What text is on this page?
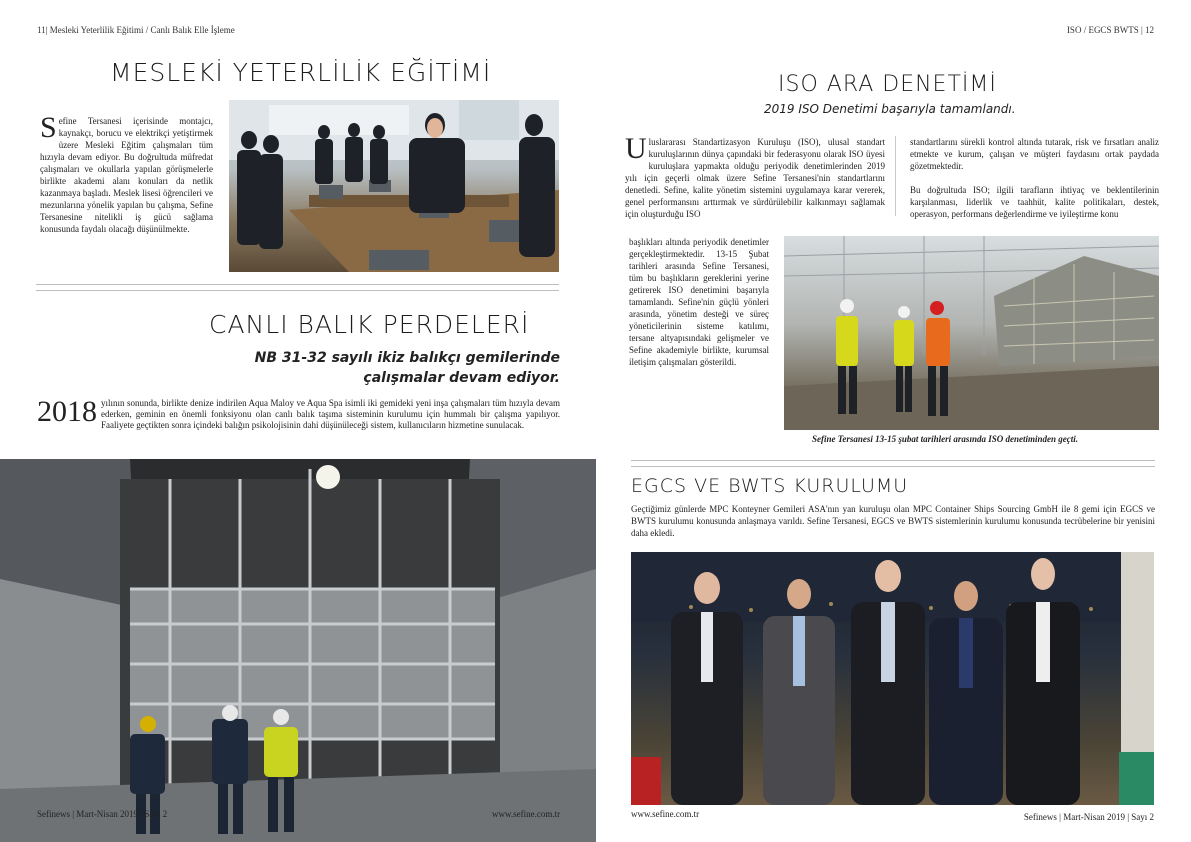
11| Mesleki Yeterlilik Eğitimi / Canlı Balık Elle İşleme
MESLEKİ YETERLİLİK EĞİTİMİ
Sefine Tersanesi içerisinde montajcı, kaynakçı, borucu ve elektrikçi yetiştirmek üzere Mesleki Eğitim çalışmaları tüm hızıyla devam ediyor. Bu doğrultuda müfredat çalışmaları ve okullarla yapılan görüşmelerle birlikte akademi alanı konuları da netlik kazanmaya başladı. Meslek lisesi öğrencileri ve mezunlarına yönelik yapılan bu çalışma, Sefine Tersanesine nitelikli iş gücü sağlama konusunda faydalı olacağı düşünülmekte.
CANLI BALIK PERDELERİ
NB 31-32 sayılı ikiz balıkçı gemilerinde
çalışmalar devam ediyor.
2018 yılının sonunda, birlikte denize indirilen Aqua Maloy ve Aqua Spa isimli iki gemideki yeni inşa çalışmaları tüm hızıyla devam ederken, geminin en önemli fonksiyonu olan canlı balık taşıma sisteminin kurulumu için hummalı bir çalışma yapılıyor. Faaliyete geçtikten sonra içindeki balığın psikolojisinin dahi düşünüleceği sistem, kullanıcıların hizmetine sunulacak.
Sefinews | Mart-Nisan 2019 | Sayı 2	www.sefine.com.tr
ISO / EGCS BWTS | 12
ISO ARA DENETİMİ
2019 ISO Denetimi başarıyla tamamlandı.
Uluslararası Standartizasyon Kuruluşu (ISO), ulusal standart kuruluşlarının dünya çapındaki bir federasyonu olarak ISO üyesi kuruluşlara yapmakta olduğu periyodik denetimlerinden 2019 yılı için geçerli olmak üzere Sefine Tersanesi'nin standartlarını denetledi. Sefine, kalite yönetim sistemini uygulamaya karar vererek, genel performansını arttırmak ve sürdürülebilir kalkınmayı sağlamak için oluşturduğu ISO

standartlarını sürekli kontrol altında tutarak, risk ve fırsatları analiz etmekte ve kurum, çalışan ve müşteri faydasını ortak paydada gözetmektedir.

Bu doğrultuda ISO; ilgili tarafların ihtiyaç ve beklentilerinin karşılanması, liderlik ve taahhüt, kalite politikaları, destek, operasyon, performans değerlendirme ve iyileştirme konu

başlıkları altında periyodik denetimler gerçekleştirmektedir. 13-15 Şubat tarihleri arasında Sefine Tersanesi, tüm bu başlıkların gereklerini yerine getirerek ISO denetimini başarıyla tamamlandı. Sefine'nin güçlü yönleri arasında, yönetim desteği ve süreç yöneticilerinin sisteme katılımı, tersane altyapısındaki gelişmeler ve Sefine akademiyle birlikte, kurumsal iletişim çalışmaları gösterildi.
Sefine Tersanesi 13-15 şubat tarihleri arasında ISO denetiminden geçti.
EGCS VE BWTS KURULUMU
Geçtiğimiz günlerde MPC Konteyner Gemileri ASA'nın yan kuruluşu olan MPC Container Ships Sourcing GmbH ile 8 gemi için EGCS ve BWTS kurulumu konusunda anlaşmaya varıldı. Sefine Tersanesi, EGCS ve BWTS sistemlerinin kurulumu konusunda tecrübelerine bir yenisini daha ekledi.
www.sefine.com.tr	Sefinews | Mart-Nisan 2019 | Sayı 2
